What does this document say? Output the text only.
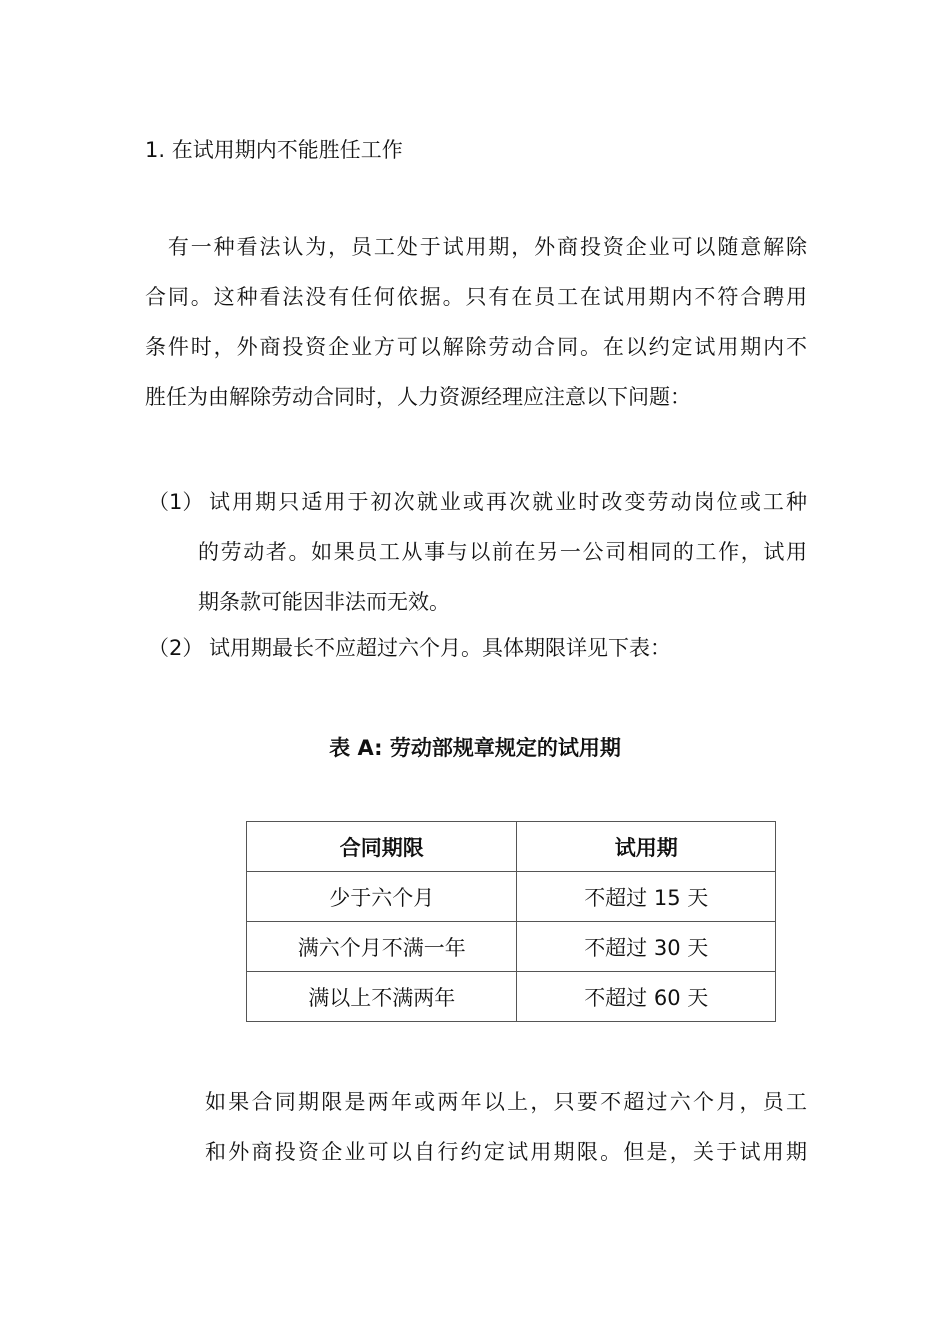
1. 在试用期内不能胜任工作
　有一种看法认为，员工处于试用期，外商投资企业可以随意解除
合同。这种看法没有任何依据。只有在员工在试用期内不符合聘用
条件时，外商投资企业方可以解除劳动合同。在以约定试用期内不
胜任为由解除劳动合同时，人力资源经理应注意以下问题：
（1） 试用期只适用于初次就业或再次就业时改变劳动岗位或工种
的劳动者。如果员工从事与以前在另一公司相同的工作，试用
期条款可能因非法而无效。
（2） 试用期最长不应超过六个月。具体期限详见下表：
表 A: 劳动部规章规定的试用期
合同期限	试用期
少于六个月	不超过 15 天
满六个月不满一年	不超过 30 天
满以上不满两年	不超过 60 天
如果合同期限是两年或两年以上，只要不超过六个月，员工
和外商投资企业可以自行约定试用期限。但是，关于试用期
